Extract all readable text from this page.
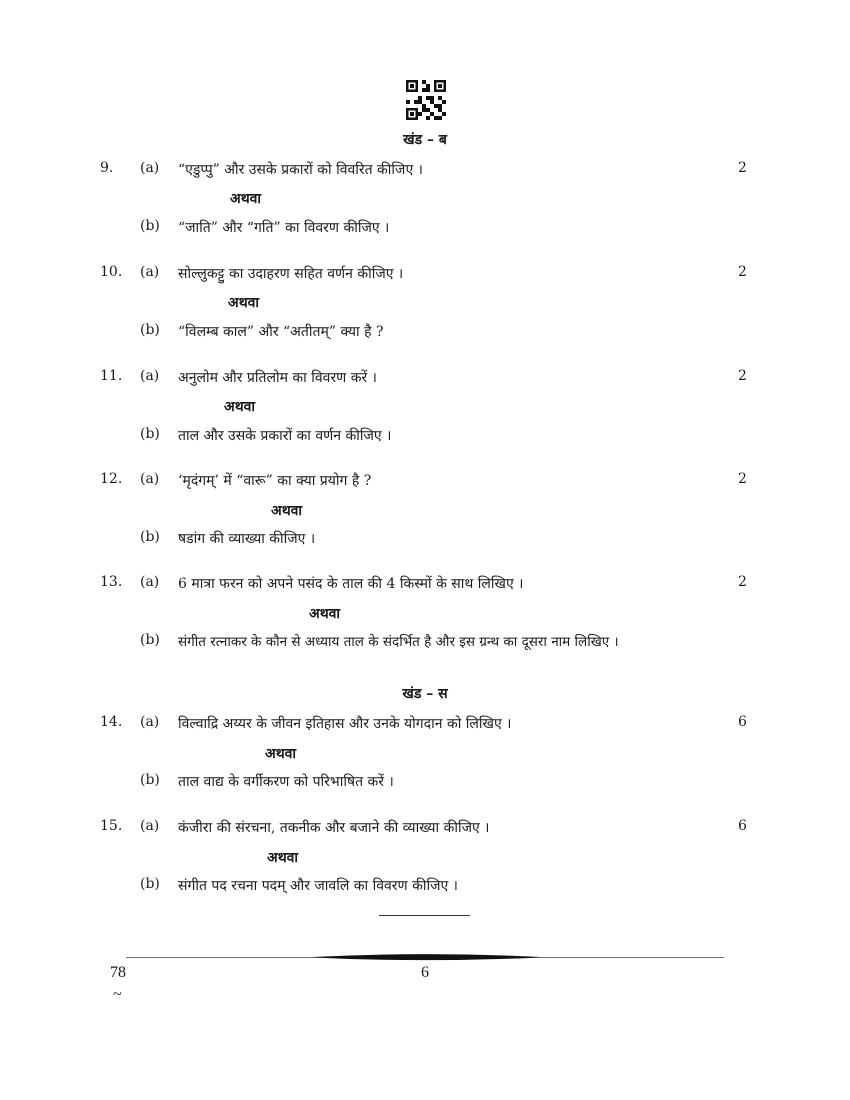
खंड – ब
9. (a) “एडुप्पु” और उसके प्रकारों को विवरित कीजिए ।	2
अथवा
(b) “जाति” और “गति” का विवरण कीजिए ।
10. (a) सोल्लुकट्टु का उदाहरण सहित वर्णन कीजिए ।	2
अथवा
(b) “विलम्ब काल” और “अतीतम्” क्या है ?
11. (a) अनुलोम और प्रतिलोम का विवरण करें ।	2
अथवा
(b) ताल और उसके प्रकारों का वर्णन कीजिए ।
12. (a) ‘मृदंगम्’ में “वारू” का क्या प्रयोग है ?	2
अथवा
(b) षडांग की व्याख्या कीजिए ।
13. (a) 6 मात्रा फरन को अपने पसंद के ताल की 4 किस्मों के साथ लिखिए ।	2
अथवा
(b) संगीत रत्नाकर के कौन से अध्याय ताल के संदर्भित है और इस ग्रन्थ का दूसरा नाम लिखिए ।
खंड – स
14. (a) विल्वाद्रि अय्यर के जीवन इतिहास और उनके योगदान को लिखिए ।	6
अथवा
(b) ताल वाद्य के वर्गीकरण को परिभाषित करें ।
15. (a) कंजीरा की संरचना, तकनीक और बजाने की व्याख्या कीजिए ।	6
अथवा
(b) संगीत पद रचना पदम् और जावलि का विवरण कीजिए ।
78
~
6
